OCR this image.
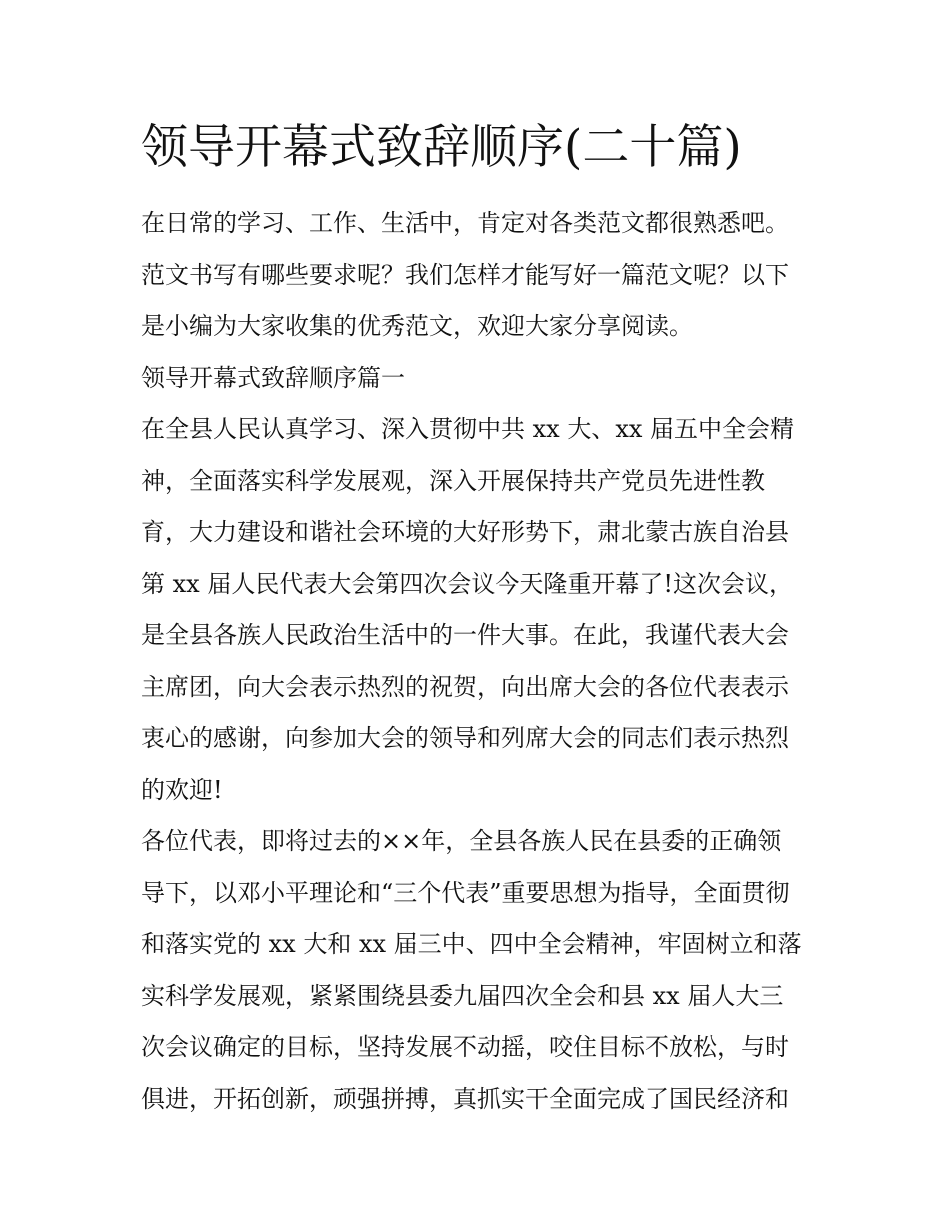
领导开幕式致辞顺序(二十篇)
在日常的学习、工作、生活中，肯定对各类范文都很熟悉吧。
范文书写有哪些要求呢？我们怎样才能写好一篇范文呢？以下
是小编为大家收集的优秀范文，欢迎大家分享阅读。
领导开幕式致辞顺序篇一
在全县人民认真学习、深入贯彻中共 xx 大、xx 届五中全会精
神，全面落实科学发展观，深入开展保持共产党员先进性教
育，大力建设和谐社会环境的大好形势下，肃北蒙古族自治县
第 xx 届人民代表大会第四次会议今天隆重开幕了!这次会议，
是全县各族人民政治生活中的一件大事。在此，我谨代表大会
主席团，向大会表示热烈的祝贺，向出席大会的各位代表表示
衷心的感谢，向参加大会的领导和列席大会的同志们表示热烈
的欢迎!
各位代表，即将过去的××年，全县各族人民在县委的正确领
导下，以邓小平理论和“三个代表”重要思想为指导，全面贯彻
和落实党的 xx 大和 xx 届三中、四中全会精神，牢固树立和落
实科学发展观，紧紧围绕县委九届四次全会和县 xx 届人大三
次会议确定的目标，坚持发展不动摇，咬住目标不放松，与时
俱进，开拓创新，顽强拼搏，真抓实干全面完成了国民经济和
